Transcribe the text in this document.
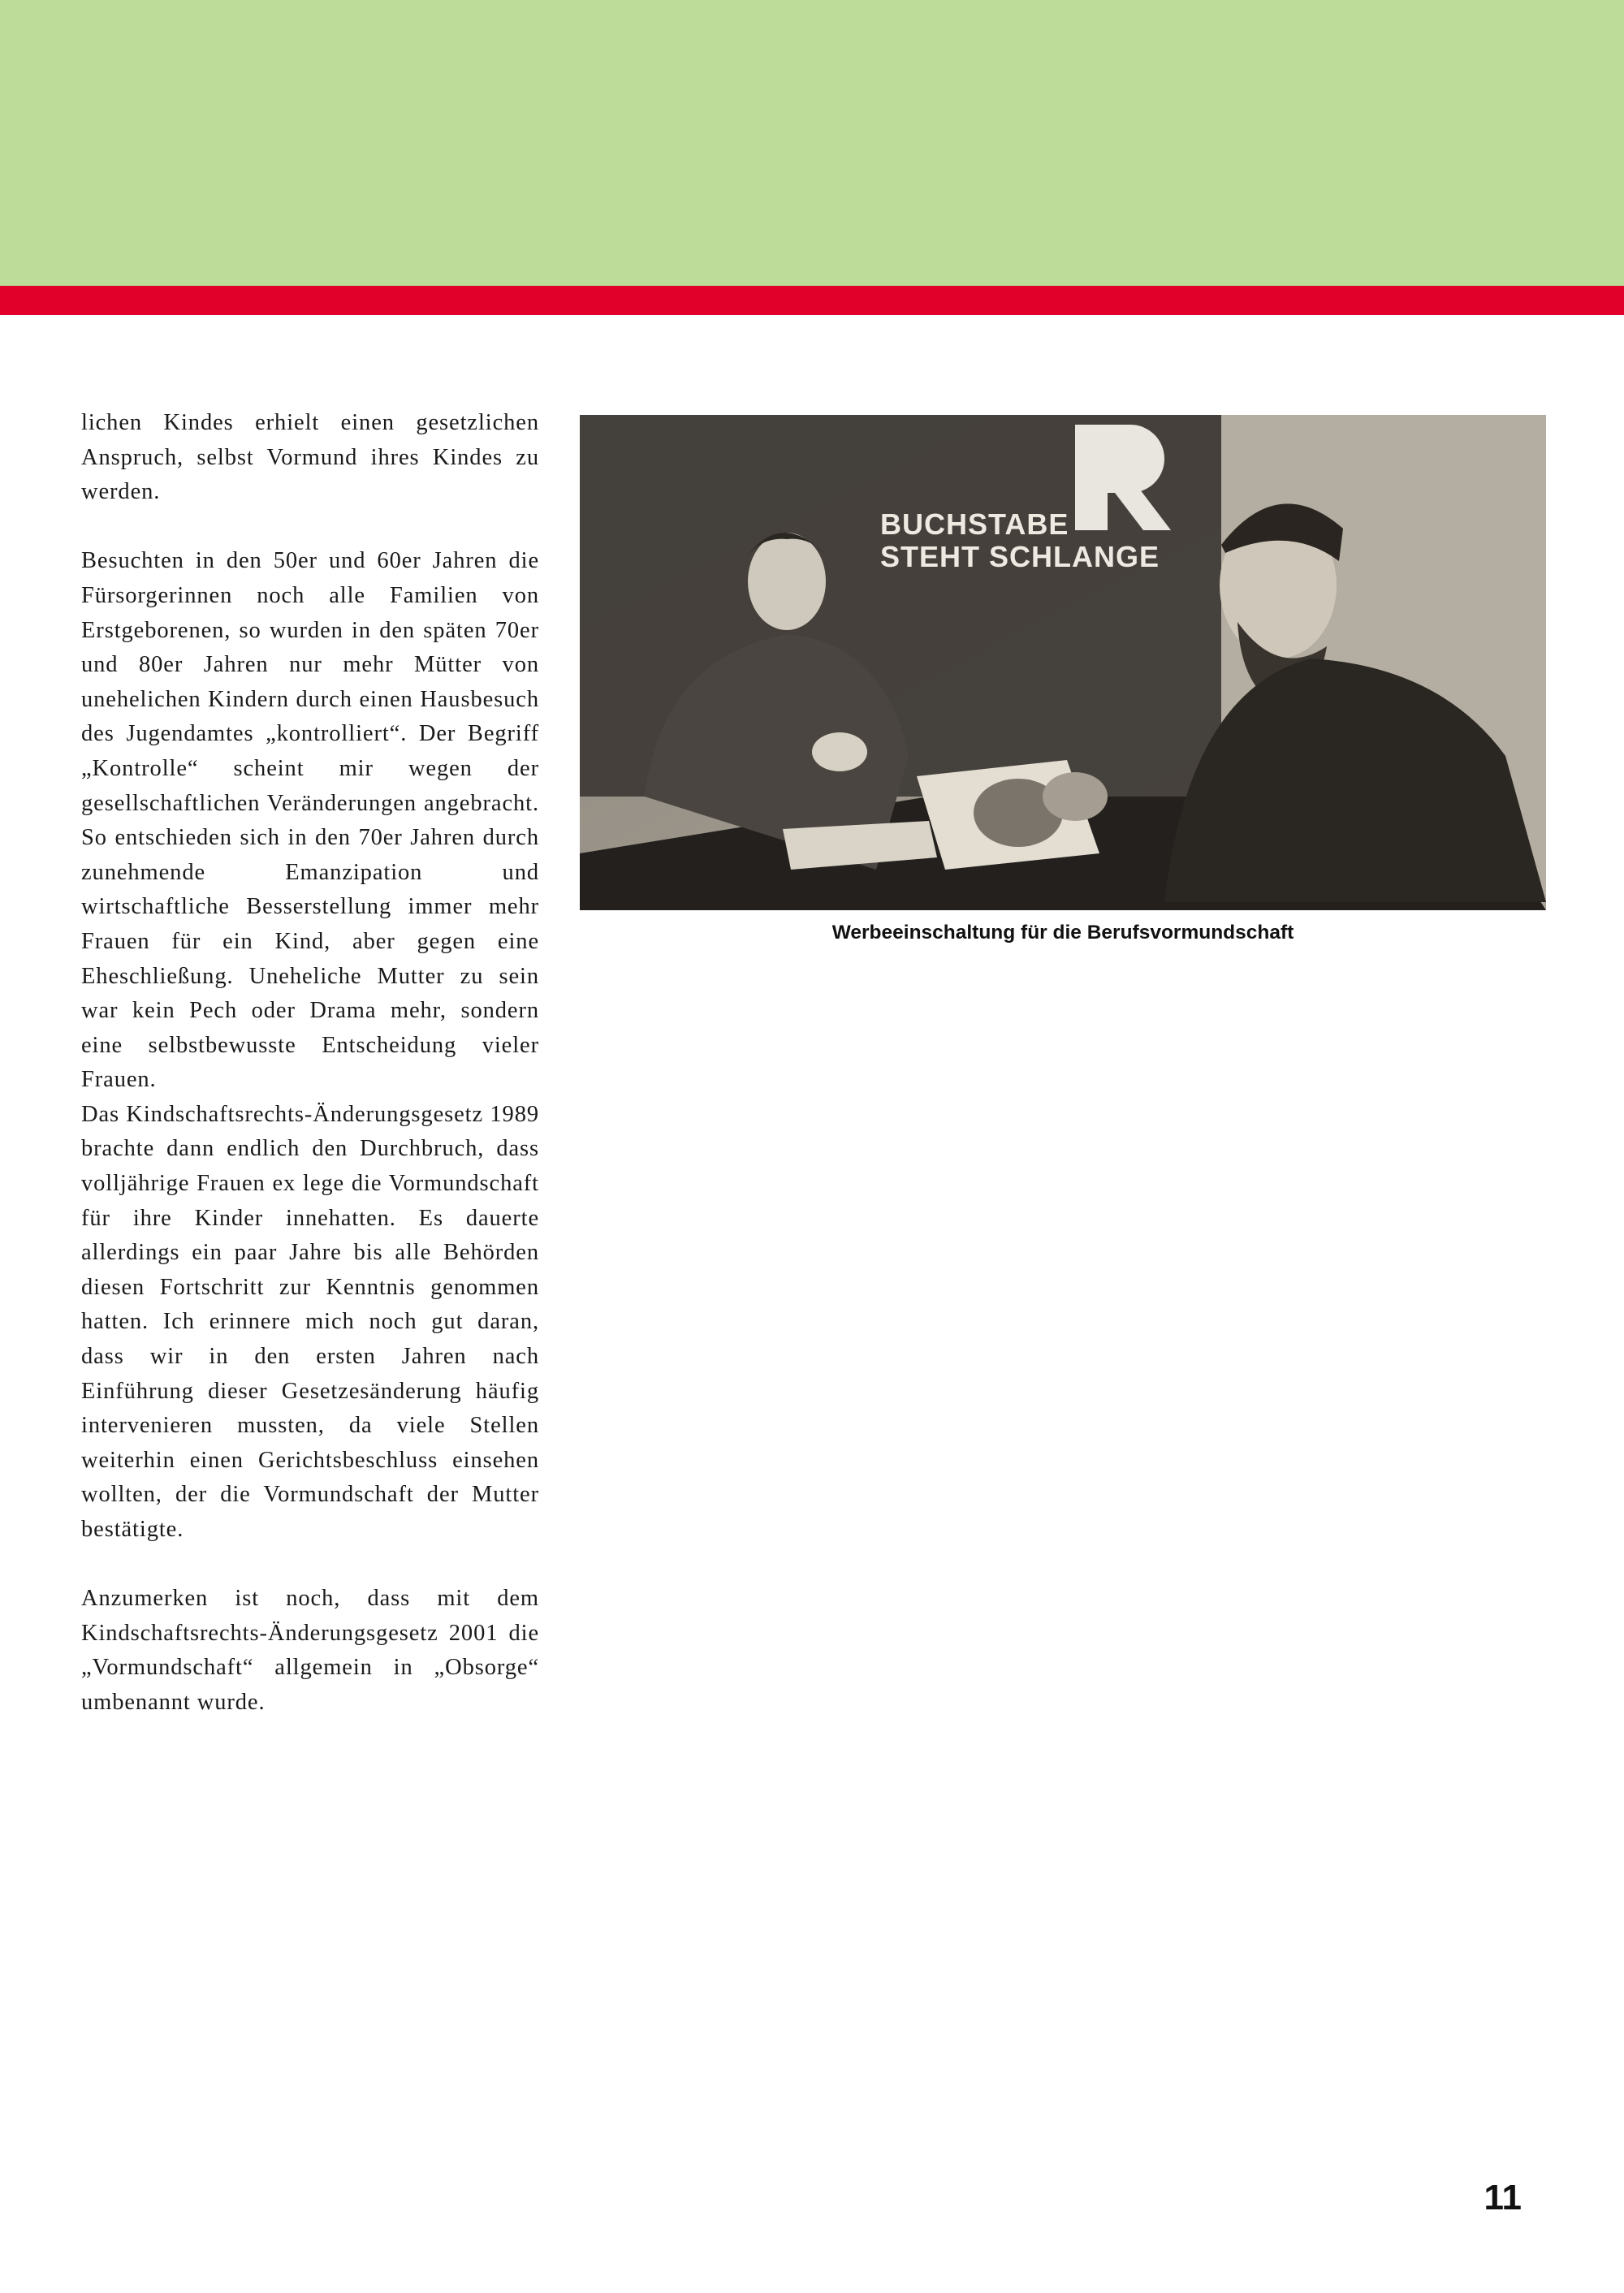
lichen Kindes erhielt einen gesetzlichen Anspruch, selbst Vormund ihres Kindes zu werden.

Besuchten in den 50er und 60er Jahren die Fürsorgerinnen noch alle Familien von Erstgeborenen, so wurden in den späten 70er und 80er Jahren nur mehr Mütter von unehelichen Kindern durch einen Hausbesuch des Jugendamtes „kontrolliert“. Der Begriff „Kontrolle“ scheint mir wegen der gesellschaftlichen Veränderungen angebracht. So entschieden sich in den 70er Jahren durch zunehmende Emanzipation und wirtschaftliche Besserstellung immer mehr Frauen für ein Kind, aber gegen eine Eheschließung. Uneheliche Mutter zu sein war kein Pech oder Drama mehr, sondern eine selbstbewusste Entscheidung vieler Frauen.

Das Kindschaftsrechts-Änderungsgesetz 1989 brachte dann endlich den Durchbruch, dass volljährige Frauen ex lege die Vormundschaft für ihre Kinder innehatten. Es dauerte allerdings ein paar Jahre bis alle Behörden diesen Fortschritt zur Kenntnis genommen hatten. Ich erinnere mich noch gut daran, dass wir in den ersten Jahren nach Einführung dieser Gesetzesänderung häufig intervenieren mussten, da viele Stellen weiterhin einen Gerichtsbeschluss einsehen wollten, der die Vormundschaft der Mutter bestätigte.

Anzumerken ist noch, dass mit dem Kindschaftsrechts-Änderungsgesetz 2001 die „Vormundschaft“ allgemein in „Obsorge“ umbenannt wurde.

BUCHSTABE
STEHT SCHLANGE
Werbeeinschaltung für die Berufsvormundschaft
11
